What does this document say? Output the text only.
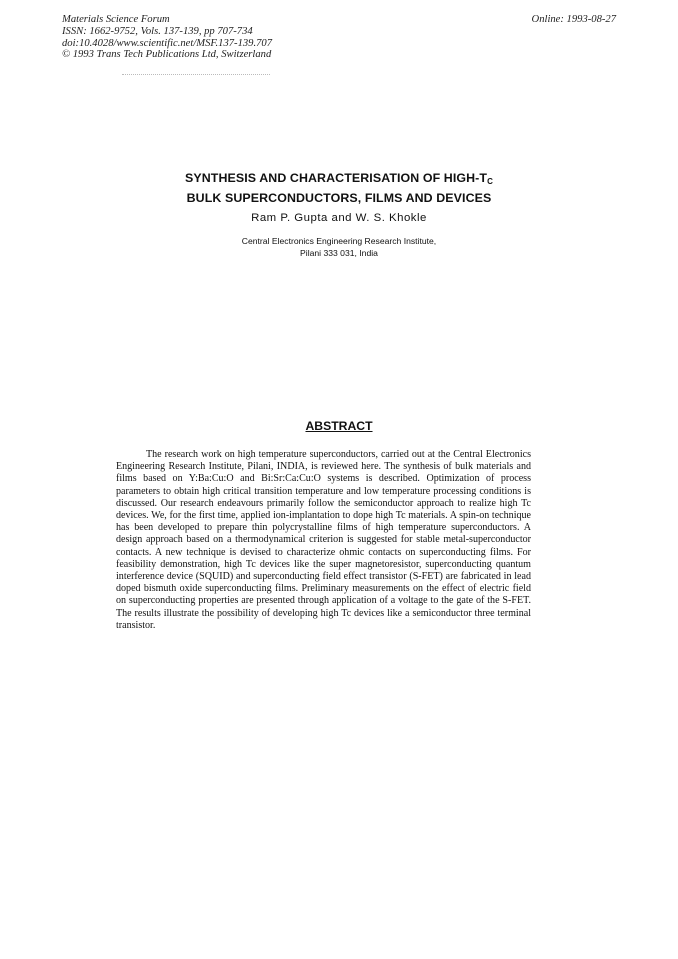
Materials Science Forum
ISSN: 1662-9752, Vols. 137-139, pp 707-734
doi:10.4028/www.scientific.net/MSF.137-139.707
© 1993 Trans Tech Publications Ltd, Switzerland
Online: 1993-08-27
SYNTHESIS AND CHARACTERISATION OF HIGH-$T_C$
BULK SUPERCONDUCTORS, FILMS AND DEVICES
Ram P. Gupta and W. S. Khokle
Central Electronics Engineering Research Institute,
Pilani 333 031, India
ABSTRACT
The research work on high temperature superconductors, carried out at the Central Electronics Engineering Research Institute, Pilani, INDIA, is reviewed here. The synthesis of bulk materials and films based on Y:Ba:Cu:O and Bi:Sr:Ca:Cu:O systems is described. Optimization of process parameters to obtain high critical transition temperature and low temperature processing conditions is discussed. Our research endeavours primarily follow the semiconductor approach to realize high Tc devices. We, for the first time, applied ion-implantation to dope high Tc materials. A spin-on technique has been developed to prepare thin polycrystalline films of high temperature superconductors. A design approach based on a thermodynamical criterion is suggested for stable metal-superconductor contacts. A new technique is devised to characterize ohmic contacts on superconducting films. For feasibility demonstration, high Tc devices like the super magnetoresistor, superconducting quantum interference device (SQUID) and superconducting field effect transistor (S-FET) are fabricated in lead doped bismuth oxide superconducting films. Preliminary measurements on the effect of electric field on superconducting properties are presented through application of a voltage to the gate of the S-FET. The results illustrate the possibility of developing high Tc devices like a semiconductor three terminal transistor.
